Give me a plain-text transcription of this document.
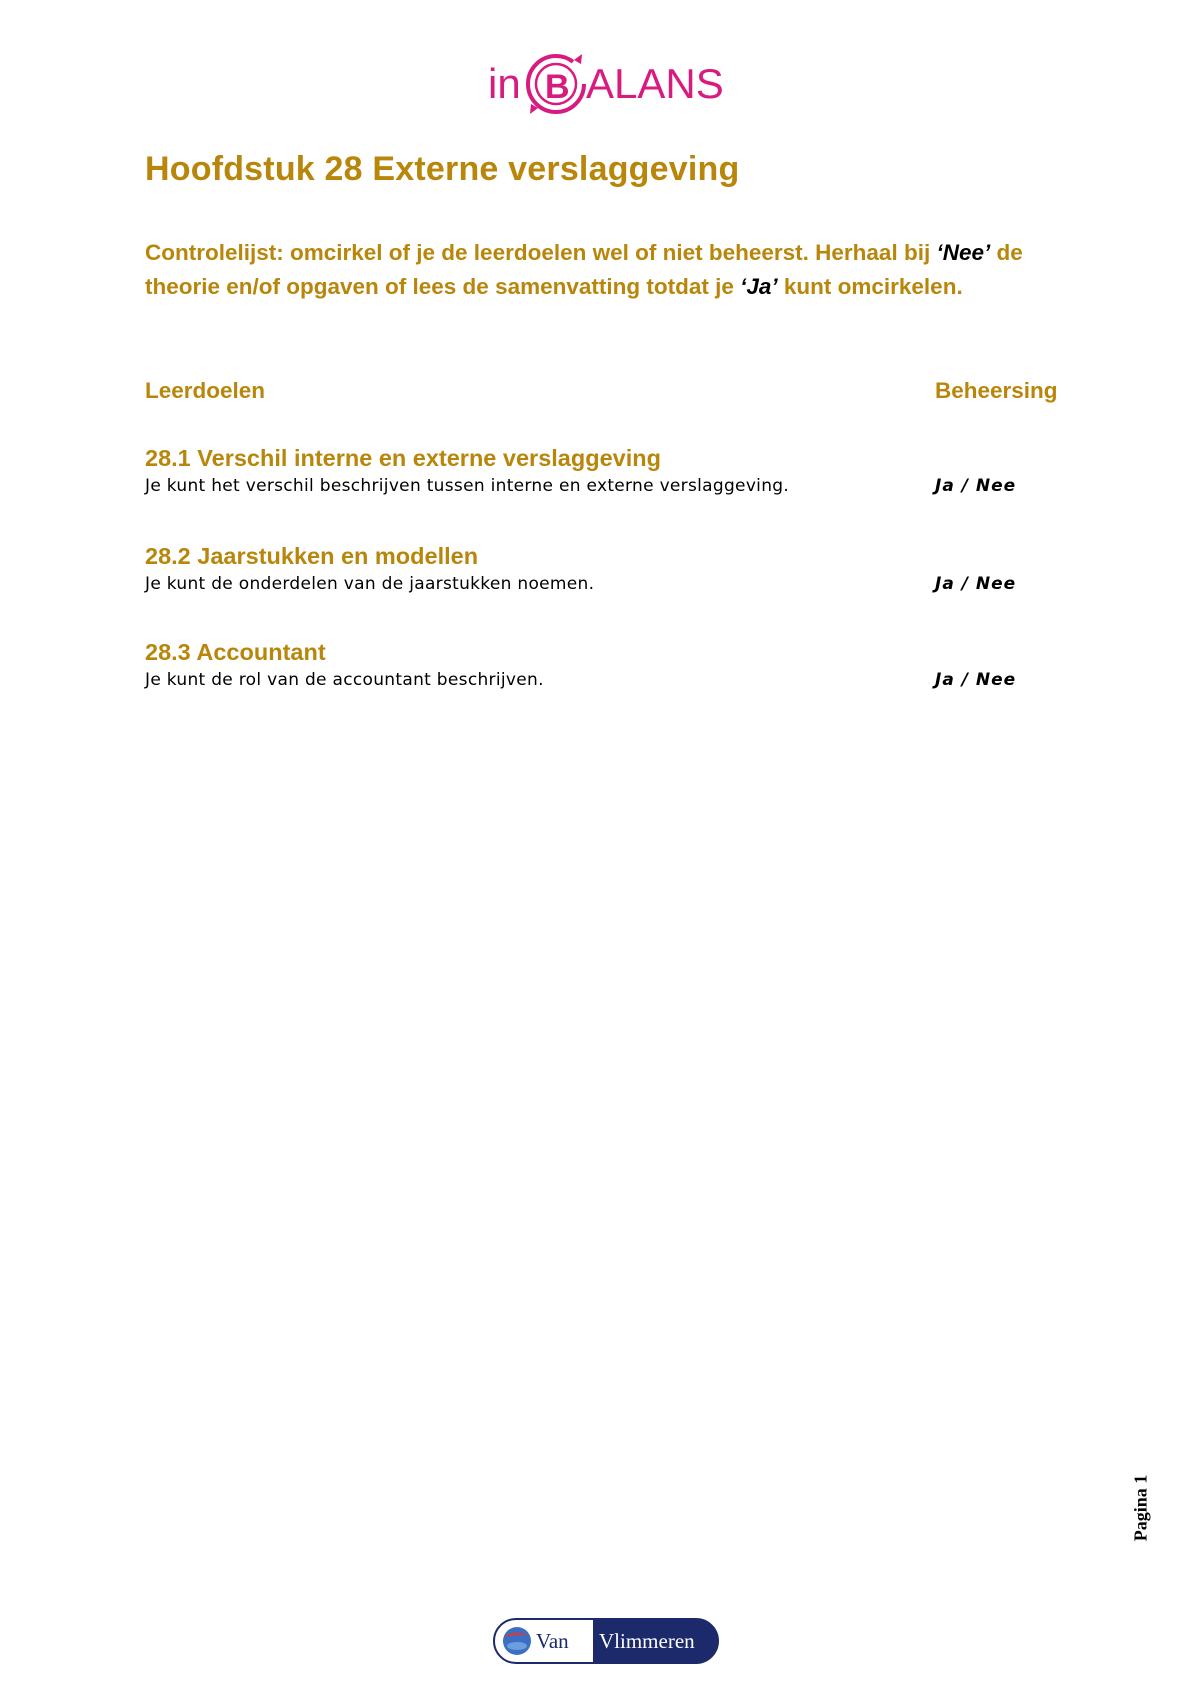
in B ALANS
Hoofdstuk 28 Externe verslaggeving

Controlelijst: omcirkel of je de leerdoelen wel of niet beheerst. Herhaal bij ‘Nee’ de theorie en/of opgaven of lees de samenvatting totdat je ‘Ja’ kunt omcirkelen.

Leerdoelen	Beheersing

28.1 Verschil interne en externe verslaggeving
Je kunt het verschil beschrijven tussen interne en externe verslaggeving.	Ja / Nee
28.2 Jaarstukken en modellen
Je kunt de onderdelen van de jaarstukken noemen.	Ja / Nee
28.3 Accountant
Je kunt de rol van de accountant beschrijven.	Ja / Nee
Pagina 1
Van Vlimmeren
